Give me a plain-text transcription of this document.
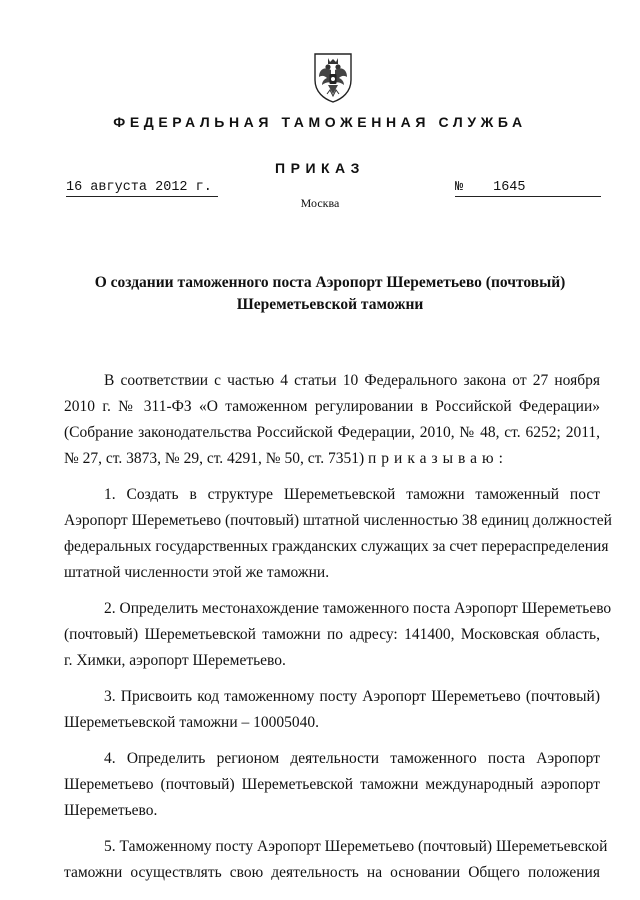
ФЕДЕРАЛЬНАЯ ТАМОЖЕННАЯ СЛУЖБА
ПРИКАЗ
16 августа 2012 г.	№ 1645
Москва
О создании таможенного поста Аэропорт Шереметьево (почтовый)
Шереметьевской таможни
В соответствии с частью 4 статьи 10 Федерального закона от 27 ноября
2010 г. № 311-ФЗ «О таможенном регулировании в Российской Федерации»
(Собрание законодательства Российской Федерации, 2010, № 48, ст. 6252; 2011,
№ 27, ст. 3873, № 29, ст. 4291, № 50, ст. 7351) приказываю:
1. Создать в структуре Шереметьевской таможни таможенный пост
Аэропорт Шереметьево (почтовый) штатной численностью 38 единиц должностей
федеральных государственных гражданских служащих за счет перераспределения
штатной численности этой же таможни.
2. Определить местонахождение таможенного поста Аэропорт Шереметьево
(почтовый) Шереметьевской таможни по адресу: 141400, Московская область,
г. Химки, аэропорт Шереметьево.
3. Присвоить код таможенному посту Аэропорт Шереметьево (почтовый)
Шереметьевской таможни – 10005040.
4. Определить регионом деятельности таможенного поста Аэропорт
Шереметьево (почтовый) Шереметьевской таможни международный аэропорт
Шереметьево.
5. Таможенному посту Аэропорт Шереметьево (почтовый) Шереметьевской
таможни осуществлять свою деятельность на основании Общего положения
